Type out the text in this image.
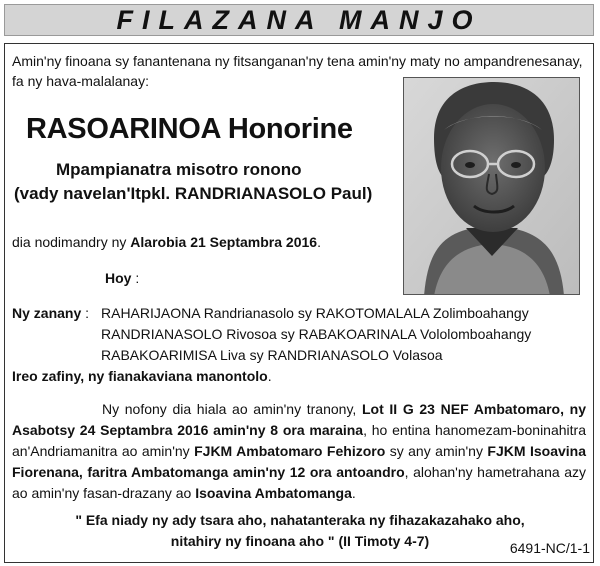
FILAZANA MANJO
Amin'ny finoana sy fanantenana ny fitsanganan'ny tena amin'ny maty no ampandrenesanay,
fa ny hava-malalanay:
RASOARINOA Honorine
Mpampianatra misotro ronono
(vady navelan'Itpkl. RANDRIANASOLO Paul)
dia nodimandry ny Alarobia 21 Septambra 2016.
Hoy :
Ny zanany : RAHARIJAONA Randrianasolo sy RAKOTOMALALA Zolimboahangy
RANDRIANASOLO Rivosoa sy RABAKOARINALA Vololomboahangy
RABAKOARIMISA Liva sy RANDRIANASOLO Volasoa
Ireo zafiny, ny fianakaviana manontolo.
Ny nofony dia hiala ao amin'ny tranony, Lot II G 23 NEF Ambatomaro, ny Asabotsy 24 Septambra 2016 amin'ny 8 ora maraina, ho entina hanomezam-boninahitra an'Andriamanitra ao amin'ny FJKM Ambatomaro Fehizoro sy any amin'ny FJKM Isoavina Fiorenana, faritra Ambatomanga amin'ny 12 ora antoandro, alohan'ny hametrahana azy ao amin'ny fasan-drazany ao Isoavina Ambatomanga.
" Efa niady ny ady tsara aho, nahatanteraka ny fihazakazahako aho,
nitahiry ny finoana aho " (II Timoty 4-7)	6491-NC/1-1
